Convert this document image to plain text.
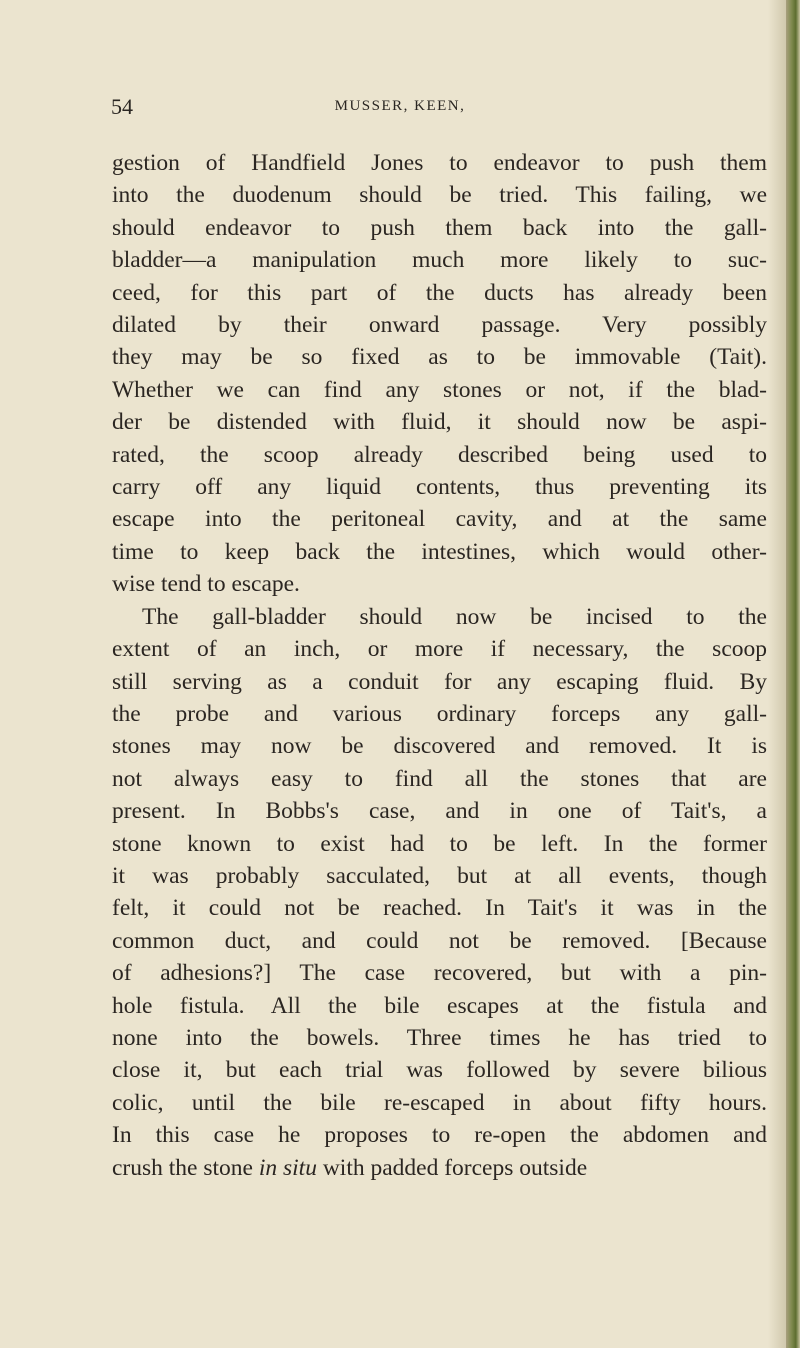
54	MUSSER, KEEN,
gestion of Handfield Jones to endeavor to push them
into the duodenum should be tried. This failing, we
should endeavor to push them back into the gall-
bladder—a manipulation much more likely to suc-
ceed, for this part of the ducts has already been
dilated by their onward passage. Very possibly
they may be so fixed as to be immovable (Tait).
Whether we can find any stones or not, if the blad-
der be distended with fluid, it should now be aspi-
rated, the scoop already described being used to
carry off any liquid contents, thus preventing its
escape into the peritoneal cavity, and at the same
time to keep back the intestines, which would other-
wise tend to escape.
The gall-bladder should now be incised to the
extent of an inch, or more if necessary, the scoop
still serving as a conduit for any escaping fluid. By
the probe and various ordinary forceps any gall-
stones may now be discovered and removed. It is
not always easy to find all the stones that are
present. In Bobbs's case, and in one of Tait's, a
stone known to exist had to be left. In the former
it was probably sacculated, but at all events, though
felt, it could not be reached. In Tait's it was in the
common duct, and could not be removed. [Because
of adhesions?] The case recovered, but with a pin-
hole fistula. All the bile escapes at the fistula and
none into the bowels. Three times he has tried to
close it, but each trial was followed by severe bilious
colic, until the bile re-escaped in about fifty hours.
In this case he proposes to re-open the abdomen and
crush the stone in situ with padded forceps outside
